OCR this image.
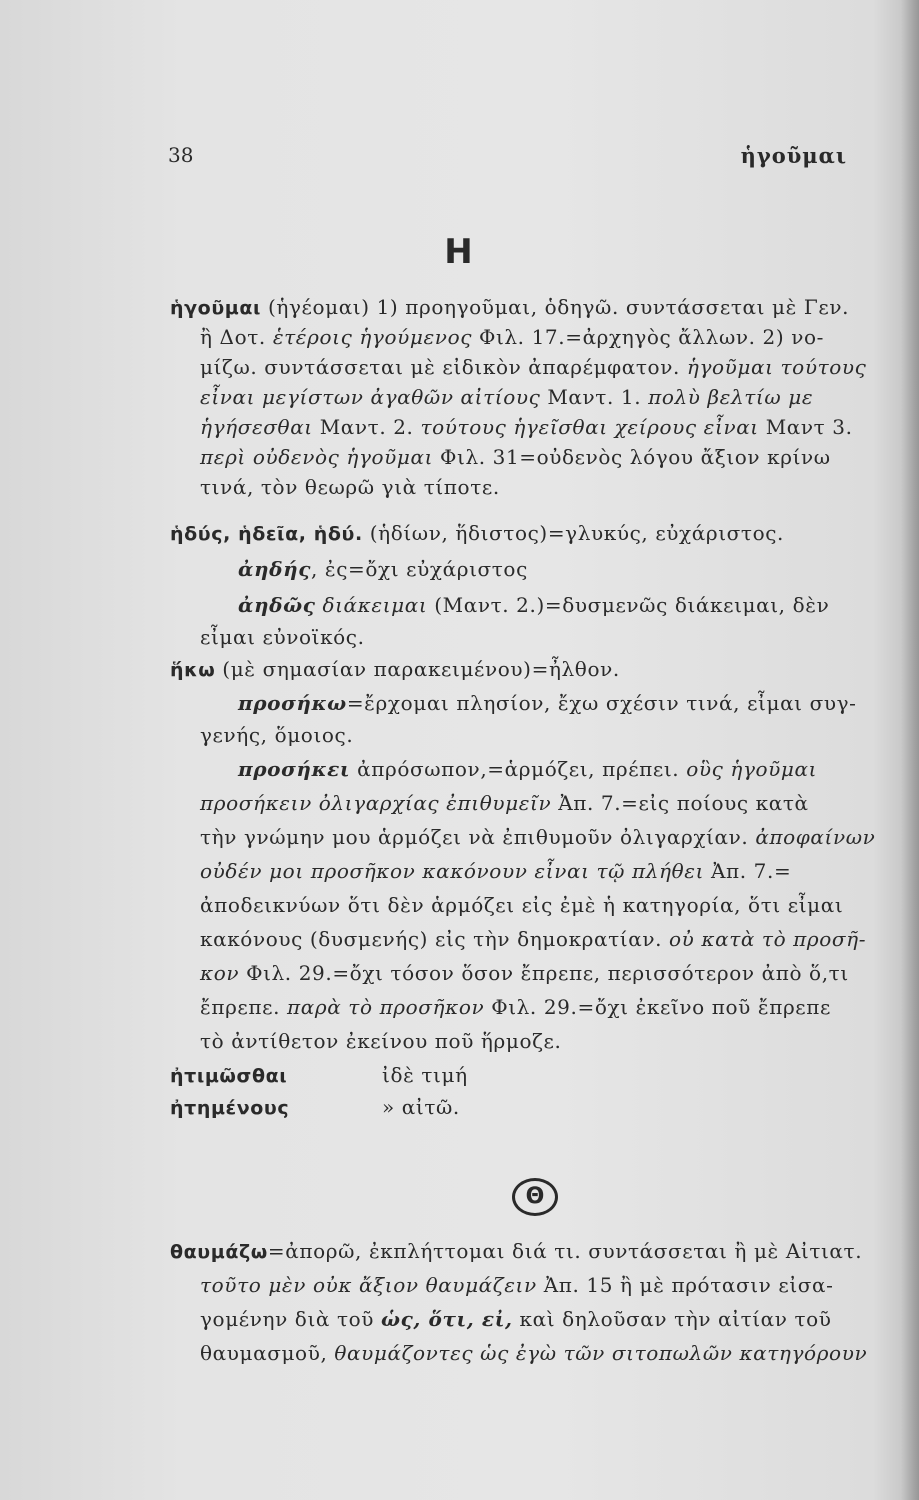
38	ἡγοῦμαι
Η
ἡγοῦμαι (ἡγέομαι) 1) προηγοῦμαι, ὁδηγῶ. συντάσσεται μὲ Γεν.
ἢ Δοτ. ἑτέροις ἡγούμενος Φιλ. 17.=ἀρχηγὸς ἄλλων. 2) νο-
μίζω. συντάσσεται μὲ εἰδικὸν ἀπαρέμφατον. ἡγοῦμαι τούτους
εἶναι μεγίστων ἀγαθῶν αἰτίους Μαντ. 1. πολὺ βελτίω με
ἡγήσεσθαι Μαντ. 2. τούτους ἡγεῖσθαι χείρους εἶναι Μαντ 3.
περὶ οὐδενὸς ἡγοῦμαι Φιλ. 31=οὐδενὸς λόγου ἄξιον κρίνω
τινά, τὸν θεωρῶ γιὰ τίποτε.
ἡδύς, ἡδεῖα, ἡδύ. (ἡδίων, ἥδιστος)=γλυκύς, εὐχάριστος.
ἀηδής, ἐς=ὄχι εὐχάριστος
ἀηδῶς διάκειμαι (Μαντ. 2.)=δυσμενῶς διάκειμαι, δὲν
εἶμαι εὐνοϊκός.
ἥκω (μὲ σημασίαν παρακειμένου)=ἦλθον.
προσήκω=ἔρχομαι πλησίον, ἔχω σχέσιν τινά, εἶμαι συγ-
γενής, ὅμοιος.
προσήκει ἀπρόσωπον,=ἁρμόζει, πρέπει. οὓς ἡγοῦμαι
προσήκειν ὀλιγαρχίας ἐπιθυμεῖν Ἀπ. 7.=εἰς ποίους κατὰ
τὴν γνώμην μου ἁρμόζει νὰ ἐπιθυμοῦν ὀλιγαρχίαν. ἀποφαίνων
οὐδέν μοι προσῆκον κακόνουν εἶναι τῷ πλήθει Ἀπ. 7.=
ἀποδεικνύων ὅτι δὲν ἁρμόζει εἰς ἐμὲ ἡ κατηγορία, ὅτι εἶμαι
κακόνους (δυσμενής) εἰς τὴν δημοκρατίαν. οὐ κατὰ τὸ προσῆ-
κον Φιλ. 29.=ὄχι τόσον ὅσον ἔπρεπε, περισσότερον ἀπὸ ὅ,τι
ἔπρεπε. παρὰ τὸ προσῆκον Φιλ. 29.=ὄχι ἐκεῖνο ποῦ ἔπρεπε
τὸ ἀντίθετον ἐκείνου ποῦ ἥρμοζε.
ἠτιμῶσθαι	ἰδὲ τιμή
ἠτημένους	» αἰτῶ.
Θ
θαυμάζω=ἀπορῶ, ἐκπλήττομαι διά τι. συντάσσεται ἢ μὲ Αἰτιατ.
τοῦτο μὲν οὐκ ἄξιον θαυμάζειν Ἀπ. 15 ἢ μὲ πρότασιν εἰσα-
γομένην διὰ τοῦ ὡς, ὅτι, εἰ, καὶ δηλοῦσαν τὴν αἰτίαν τοῦ
θαυμασμοῦ, θαυμάζοντες ὡς ἐγὼ τῶν σιτοπωλῶν κατηγόρουν
